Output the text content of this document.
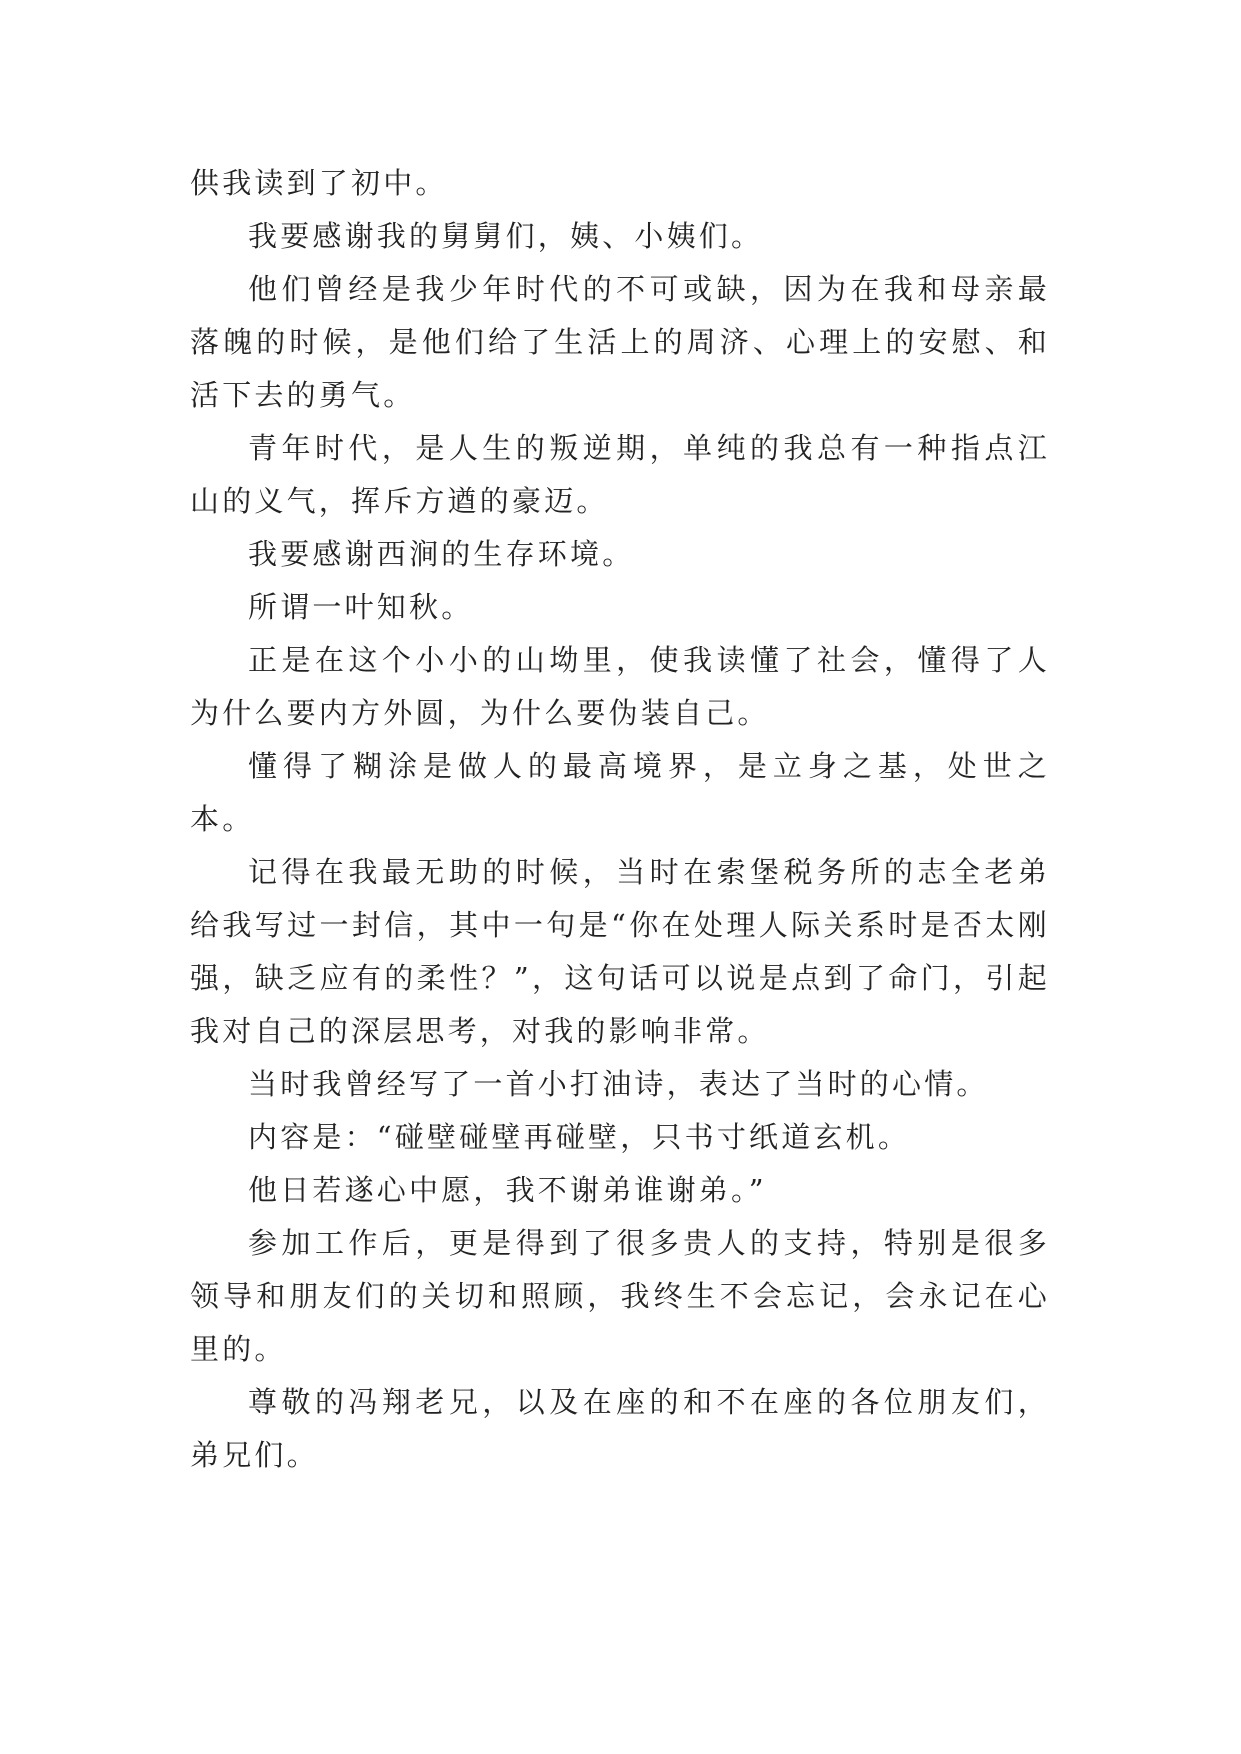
供我读到了初中。

我要感谢我的舅舅们，姨、小姨们。

他们曾经是我少年时代的不可或缺，因为在我和母亲最落魄的时候，是他们给了生活上的周济、心理上的安慰、和活下去的勇气。

青年时代，是人生的叛逆期，单纯的我总有一种指点江山的义气，挥斥方遒的豪迈。

我要感谢西涧的生存环境。

所谓一叶知秋。

正是在这个小小的山坳里，使我读懂了社会，懂得了人为什么要内方外圆，为什么要伪装自己。

懂得了糊涂是做人的最高境界，是立身之基，处世之本。

记得在我最无助的时候，当时在索堡税务所的志全老弟给我写过一封信，其中一句是“你在处理人际关系时是否太刚强，缺乏应有的柔性？”，这句话可以说是点到了命门，引起我对自己的深层思考，对我的影响非常。

当时我曾经写了一首小打油诗，表达了当时的心情。

内容是：“碰壁碰壁再碰壁，只书寸纸道玄机。

他日若遂心中愿，我不谢弟谁谢弟。”

参加工作后，更是得到了很多贵人的支持，特别是很多领导和朋友们的关切和照顾，我终生不会忘记，会永记在心里的。

尊敬的冯翔老兄，以及在座的和不在座的各位朋友们，弟兄们。
